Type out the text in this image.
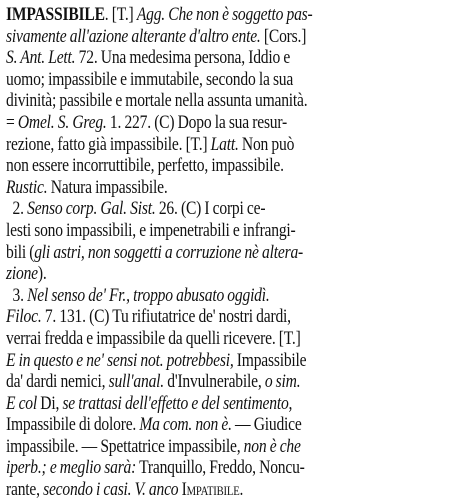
IMPASSIBILE. [T.] Agg. Che non è soggetto pas-
sivamente all'azione alterante d'altro ente. [Cors.]
S. Ant. Lett. 72. Una medesima persona, Iddio e
uomo; impassibile e immutabile, secondo la sua
divinità; passibile e mortale nella assunta umanità.
= Omel. S. Greg. 1. 227. (C) Dopo la sua resur-
rezione, fatto già impassibile. [T.] Latt. Non può
non essere incorruttibile, perfetto, impassibile.
Rustic. Natura impassibile.
2. Senso corp. Gal. Sist. 26. (C) I corpi ce-
lesti sono impassibili, e impenetrabili e infrangi-
bili (gli astri, non soggetti a corruzione nè altera-
zione).
3. Nel senso de' Fr., troppo abusato oggidì.
Filoc. 7. 131. (C) Tu rifiutatrice de' nostri dardi,
verrai fredda e impassibile da quelli ricevere. [T.]
E in questo e ne' sensi not. potrebbesi, Impassibile
da' dardi nemici, sull'anal. d'Invulnerabile, o sim.
E col Di, se trattasi dell'effetto e del sentimento,
Impassibile di dolore. Ma com. non è. — Giudice
impassibile. — Spettatrice impassibile, non è che
iperb.; e meglio sarà: Tranquillo, Freddo, Noncu-
rante, secondo i casi. V. anco Impatibile.
